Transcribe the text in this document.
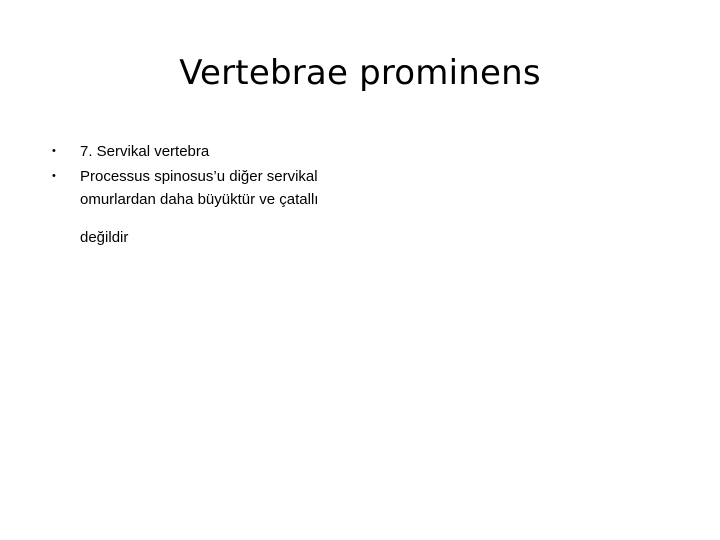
Vertebrae prominens
• 7. Servikal vertebra
• Processus spinosus’u diğer servikal omurlardan daha büyüktür ve çatallı

değildir
